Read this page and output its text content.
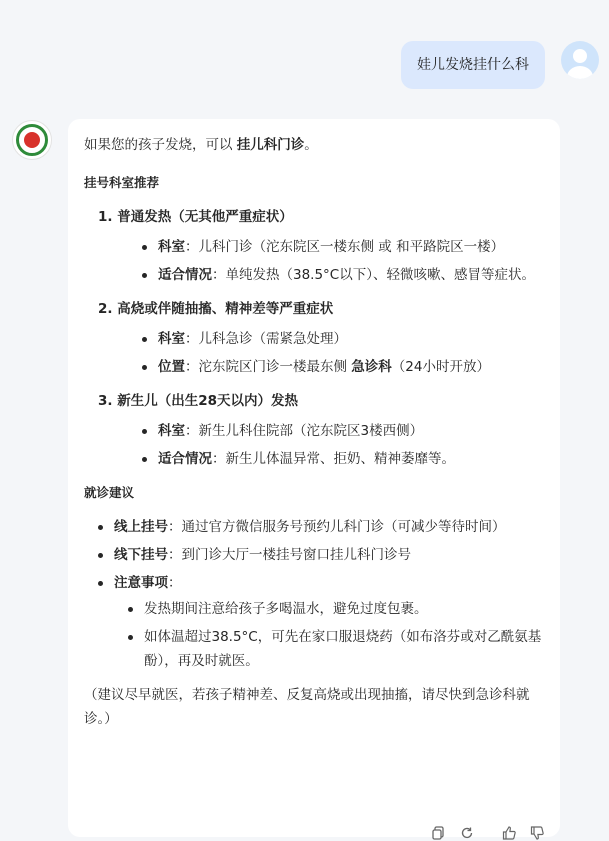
娃儿发烧挂什么科
如果您的孩子发烧，可以 挂儿科门诊。
挂号科室推荐
1. 普通发热（无其他严重症状）
科室：儿科门诊（沱东院区一楼东侧 或 和平路院区一楼）
适合情况：单纯发热（38.5°C以下）、轻微咳嗽、感冒等症状。
2. 高烧或伴随抽搐、精神差等严重症状
科室：儿科急诊（需紧急处理）
位置：沱东院区门诊一楼最东侧 急诊科（24小时开放）
3. 新生儿（出生28天以内）发热
科室：新生儿科住院部（沱东院区3楼西侧）
适合情况：新生儿体温异常、拒奶、精神萎靡等。
就诊建议
线上挂号：通过官方微信服务号预约儿科门诊（可减少等待时间）
线下挂号：到门诊大厅一楼挂号窗口挂儿科门诊号
注意事项：
发热期间注意给孩子多喝温水，避免过度包裹。
如体温超过38.5°C，可先在家口服退烧药（如布洛芬或对乙酰氨基酚），再及时就医。
（建议尽早就医，若孩子精神差、反复高烧或出现抽搐，请尽快到急诊科就诊。）
